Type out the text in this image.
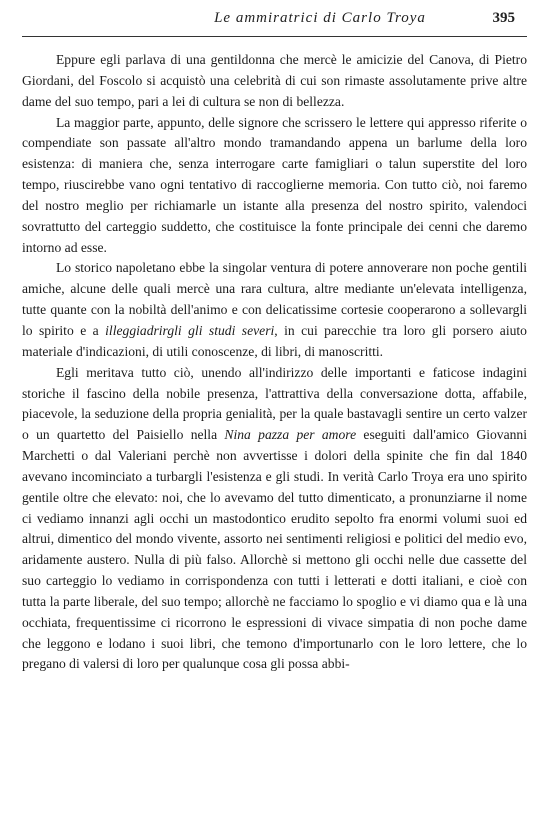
Le ammiratrici di Carlo Troya	395

Eppure egli parlava di una gentildonna che mercè le amicizie del Canova, di Pietro Giordani, del Foscolo si acquistò una celebrità di cui son rimaste assolutamente prive altre dame del suo tempo, pari a lei di cultura se non di bellezza.

La maggior parte, appunto, delle signore che scrissero le lettere qui appresso riferite o compendiate son passate all'altro mondo tramandando appena un barlume della loro esistenza: di maniera che, senza interrogare carte famigliari o talun superstite del loro tempo, riuscirebbe vano ogni tentativo di raccoglierne memoria. Con tutto ciò, noi faremo del nostro meglio per richiamarle un istante alla presenza del nostro spirito, valendoci sovrattutto del carteggio suddetto, che costituisce la fonte principale dei cenni che daremo intorno ad esse.

Lo storico napoletano ebbe la singolar ventura di potere annoverare non poche gentili amiche, alcune delle quali mercè una rara cultura, altre mediante un'elevata intelligenza, tutte quante con la nobiltà dell'animo e con delicatissime cortesie cooperarono a sollevargli lo spirito e a illeggiadrirgli gli studi severi, in cui parecchie tra loro gli porsero aiuto materiale d'indicazioni, di utili conoscenze, di libri, di manoscritti.

Egli meritava tutto ciò, unendo all'indirizzo delle importanti e faticose indagini storiche il fascino della nobile presenza, l'attrattiva della conversazione dotta, affabile, piacevole, la seduzione della propria genialità, per la quale bastavagli sentire un certo valzer o un quartetto del Paisiello nella Nina pazza per amore eseguiti dall'amico Giovanni Marchetti o dal Valeriani perchè non avvertisse i dolori della spinite che fin dal 1840 avevano incominciato a turbargli l'esistenza e gli studi. In verità Carlo Troya era uno spirito gentile oltre che elevato: noi, che lo avevamo del tutto dimenticato, a pronunziarne il nome ci vediamo innanzi agli occhi un mastodontico erudito sepolto fra enormi volumi suoi ed altrui, dimentico del mondo vivente, assorto nei sentimenti religiosi e politici del medio evo, aridamente austero. Nulla di più falso. Allorchè si mettono gli occhi nelle due cassette del suo carteggio lo vediamo in corrispondenza con tutti i letterati e dotti italiani, e cioè con tutta la parte liberale, del suo tempo; allorchè ne facciamo lo spoglio e vi diamo qua e là una occhiata, frequentissime ci ricorrono le espressioni di vivace simpatia di non poche dame che leggono e lodano i suoi libri, che temono d'importunarlo con le loro lettere, che lo pregano di valersi di loro per qualunque cosa gli possa abbi-
